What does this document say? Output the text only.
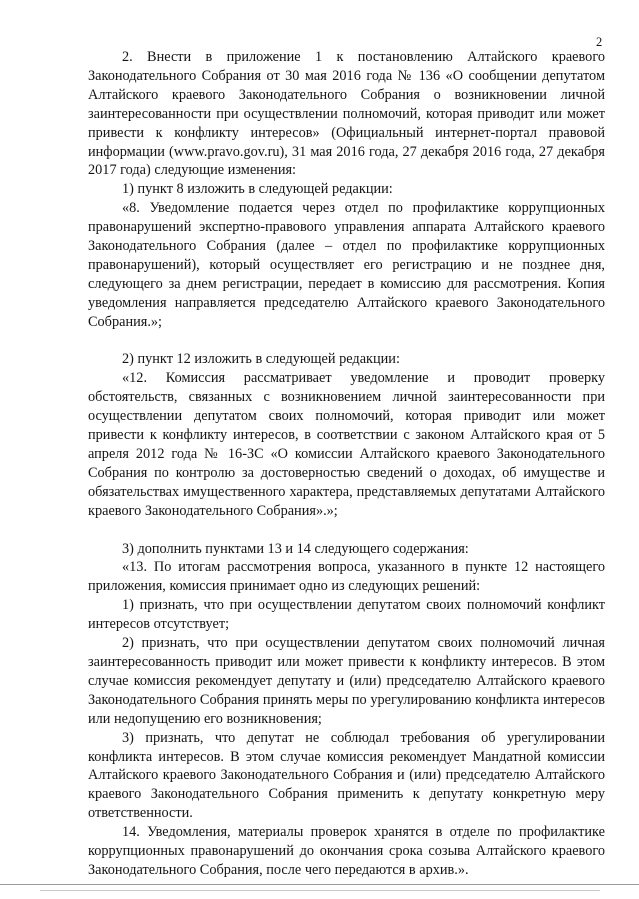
2

2. Внести в приложение 1 к постановлению Алтайского краевого Законодательного Собрания от 30 мая 2016 года № 136 «О сообщении депутатом Алтайского краевого Законодательного Собрания о возникновении личной заинтересованности при осуществлении полномочий, которая приводит или может привести к конфликту интересов» (Официальный интернет-портал правовой информации (www.pravo.gov.ru), 31 мая 2016 года, 27 декабря 2016 года, 27 декабря 2017 года) следующие изменения:

1) пункт 8 изложить в следующей редакции:

«8. Уведомление подается через отдел по профилактике коррупционных правонарушений экспертно-правового управления аппарата Алтайского краевого Законодательного Собрания (далее – отдел по профилактике коррупционных правонарушений), который осуществляет его регистрацию и не позднее дня, следующего за днем регистрации, передает в комиссию для рассмотрения. Копия уведомления направляется председателю Алтайского краевого Законодательного Собрания.»;

2) пункт 12 изложить в следующей редакции:

«12. Комиссия рассматривает уведомление и проводит проверку обстоятельств, связанных с возникновением личной заинтересованности при осуществлении депутатом своих полномочий, которая приводит или может привести к конфликту интересов, в соответствии с законом Алтайского края от 5 апреля 2012 года № 16-ЗС «О комиссии Алтайского краевого Законодательного Собрания по контролю за достоверностью сведений о доходах, об имуществе и обязательствах имущественного характера, представляемых депутатами Алтайского краевого Законодательного Собрания».»;

3) дополнить пунктами 13 и 14 следующего содержания:

«13. По итогам рассмотрения вопроса, указанного в пункте 12 настоящего приложения, комиссия принимает одно из следующих решений:

1) признать, что при осуществлении депутатом своих полномочий конфликт интересов отсутствует;

2) признать, что при осуществлении депутатом своих полномочий личная заинтересованность приводит или может привести к конфликту интересов. В этом случае комиссия рекомендует депутату и (или) председателю Алтайского краевого Законодательного Собрания принять меры по урегулированию конфликта интересов или недопущению его возникновения;

3) признать, что депутат не соблюдал требования об урегулировании конфликта интересов. В этом случае комиссия рекомендует Мандатной комиссии Алтайского краевого Законодательного Собрания и (или) председателю Алтайского краевого Законодательного Собрания применить к депутату конкретную меру ответственности.

14. Уведомления, материалы проверок хранятся в отделе по профилактике коррупционных правонарушений до окончания срока созыва Алтайского краевого Законодательного Собрания, после чего передаются в архив.».
